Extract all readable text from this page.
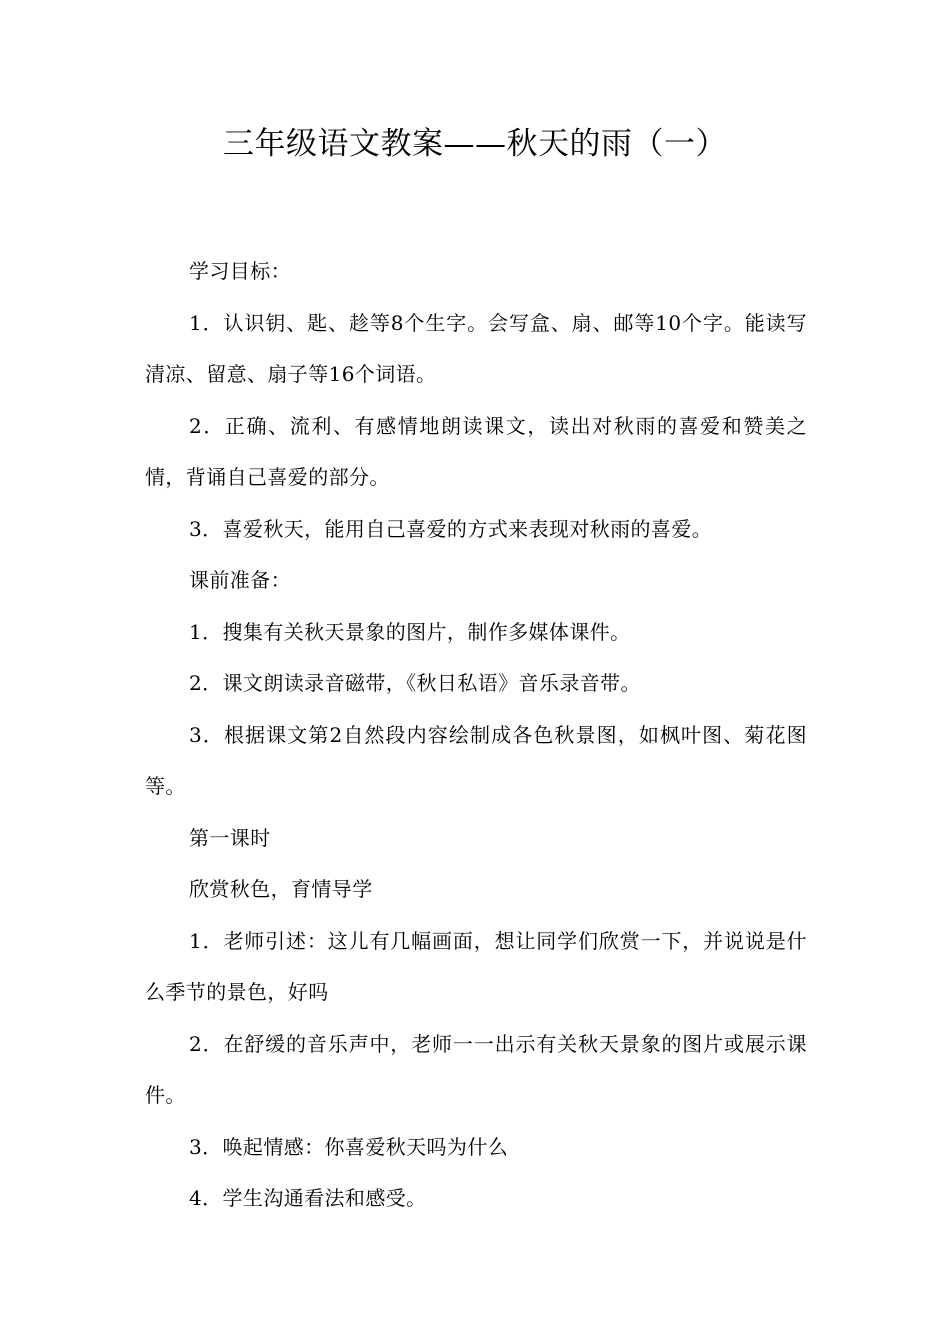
三年级语文教案——秋天的雨（一）

学习目标：

1．认识钥、匙、趁等8个生字。会写盒、扇、邮等10个字。能读写清凉、留意、扇子等16个词语。

2．正确、流利、有感情地朗读课文，读出对秋雨的喜爱和赞美之情，背诵自己喜爱的部分。

3．喜爱秋天，能用自己喜爱的方式来表现对秋雨的喜爱。

课前准备：

1．搜集有关秋天景象的图片，制作多媒体课件。

2．课文朗读录音磁带，《秋日私语》音乐录音带。

3．根据课文第2自然段内容绘制成各色秋景图，如枫叶图、菊花图等。

第一课时

欣赏秋色，育情导学

1．老师引述：这儿有几幅画面，想让同学们欣赏一下，并说说是什么季节的景色，好吗

2．在舒缓的音乐声中，老师一一出示有关秋天景象的图片或展示课件。

3．唤起情感：你喜爱秋天吗为什么

4．学生沟通看法和感受。
